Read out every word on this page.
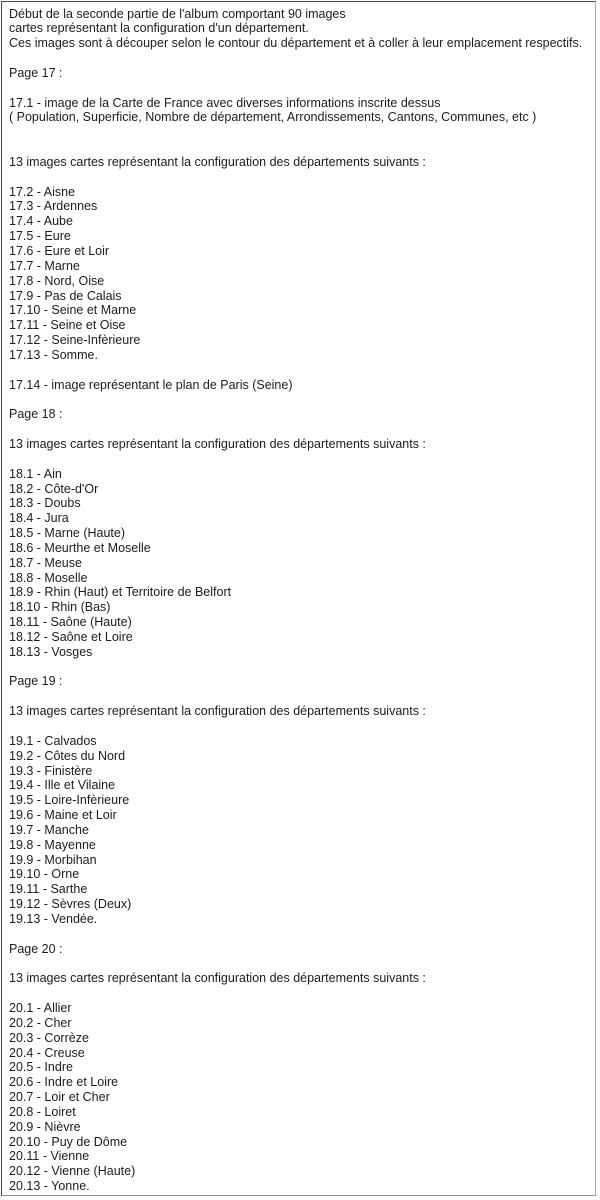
Début de la seconde partie de l'album comportant 90 images
cartes représentant la configuration d'un département.
Ces images sont à découper selon le contour du département et à coller à leur emplacement respectifs.
Page 17 :
17.1 - image de la Carte de France avec diverses informations inscrite dessus
( Population, Superficie, Nombre de département, Arrondissements, Cantons, Communes, etc )
13 images cartes représentant la configuration des départements suivants :
17.2 - Aisne
17.3 - Ardennes
17.4 - Aube
17.5 - Eure
17.6 - Eure et Loir
17.7 - Marne
17.8 - Nord, Oise
17.9 - Pas de Calais
17.10 - Seine et Marne
17.11 - Seine et Oise
17.12 - Seine-Infèrieure
17.13 - Somme.
17.14 - image représentant le plan de Paris (Seine)
Page 18 :
13 images cartes représentant la configuration des départements suivants :
18.1 - Ain
18.2 - Côte-d'Or
18.3 - Doubs
18.4 - Jura
18.5 - Marne (Haute)
18.6 - Meurthe et Moselle
18.7 - Meuse
18.8 - Moselle
18.9 - Rhin (Haut) et Territoire de Belfort
18.10 - Rhin (Bas)
18.11 - Saône (Haute)
18.12 - Saône et Loire
18.13 - Vosges
Page 19 :
13 images cartes représentant la configuration des départements suivants :
19.1 - Calvados
19.2 - Côtes du Nord
19.3 - Finistère
19.4 - Ille et Vilaine
19.5 - Loire-Infèrieure
19.6 - Maine et Loir
19.7 - Manche
19.8 - Mayenne
19.9 - Morbihan
19.10 - Orne
19.11 - Sarthe
19.12 - Sèvres (Deux)
19.13 - Vendée.
Page 20 :
13 images cartes représentant la configuration des départements suivants :
20.1 - Allier
20.2 - Cher
20.3 - Corrèze
20.4 - Creuse
20.5 - Indre
20.6 - Indre et Loire
20.7 - Loir et Cher
20.8 - Loiret
20.9 - Nièvre
20.10 - Puy de Dôme
20.11 - Vienne
20.12 - Vienne (Haute)
20.13 - Yonne.
